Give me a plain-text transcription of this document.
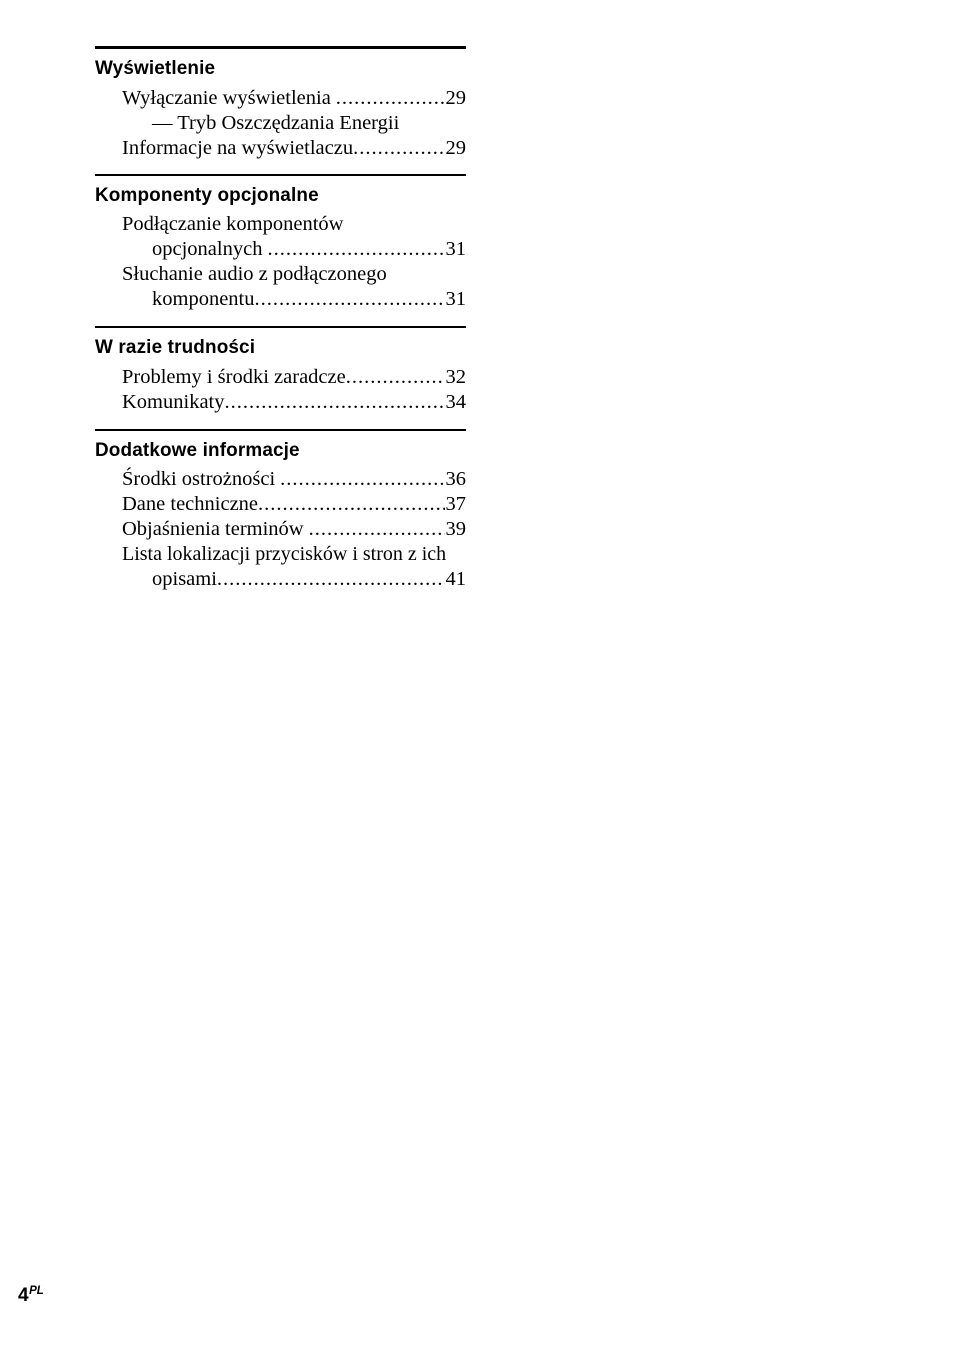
Wyświetlenie
Wyłączanie wyświetlenia .....	29
— Tryb Oszczędzania Energii
Informacje na wyświetlaczu .....	29
Komponenty opcjonalne
Podłączanie komponentów
opcjonalnych .....	31
Słuchanie audio z podłączonego
komponentu .....	31
W razie trudności
Problemy i środki zaradcze .....	32
Komunikaty .....	34
Dodatkowe informacje
Środki ostrożności .....	36
Dane techniczne .....	37
Objaśnienia terminów .....	39
Lista lokalizacji przycisków i stron z ich
opisami .....	41
$4^{PL}$
